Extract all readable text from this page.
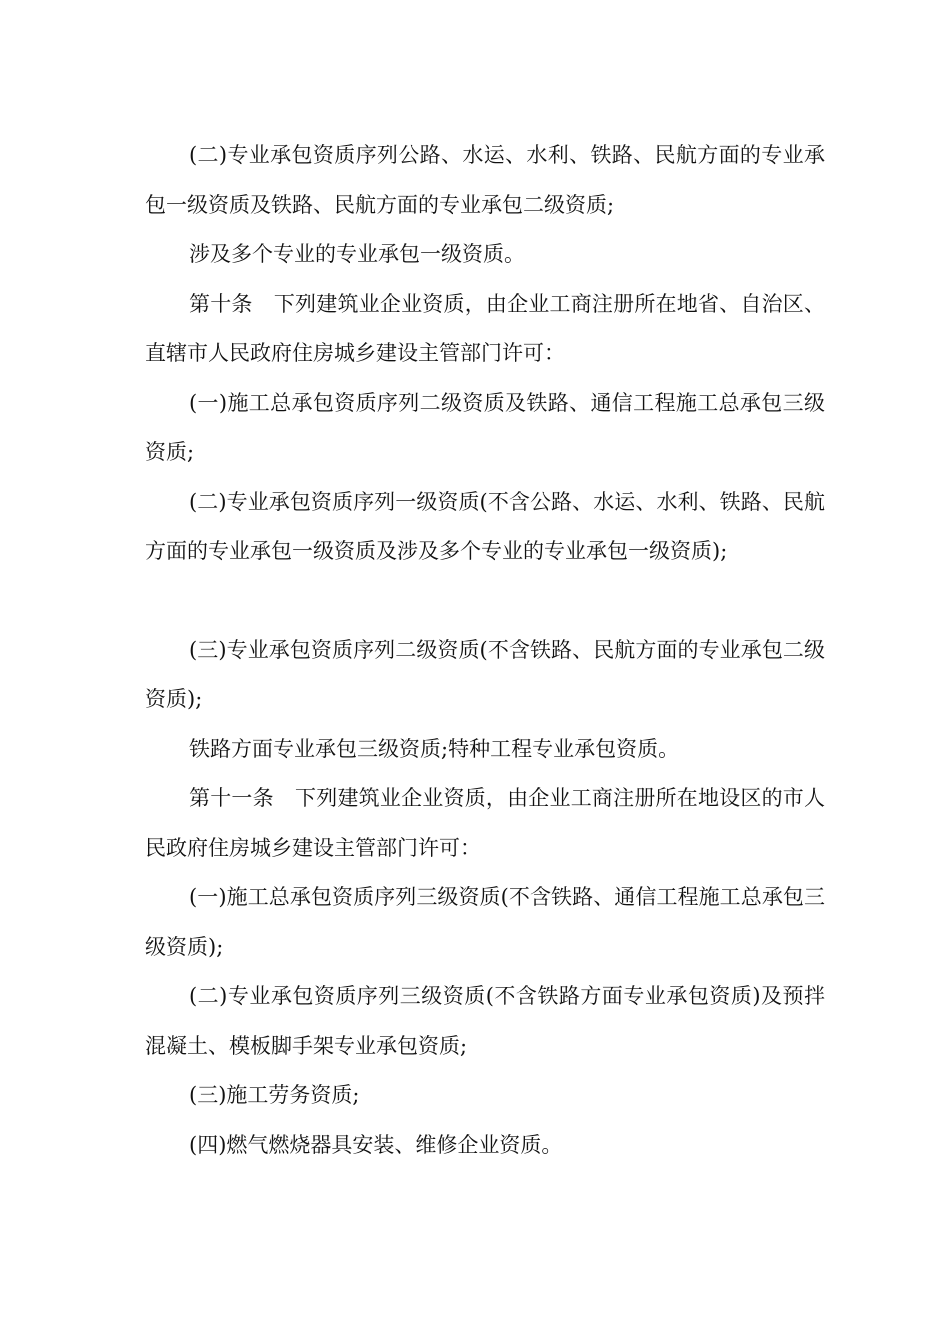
(二)专业承包资质序列公路、水运、水利、铁路、民航方面的专业承包一级资质及铁路、民航方面的专业承包二级资质;

涉及多个专业的专业承包一级资质。

第十条　下列建筑业企业资质，由企业工商注册所在地省、自治区、直辖市人民政府住房城乡建设主管部门许可：

(一)施工总承包资质序列二级资质及铁路、通信工程施工总承包三级资质;

(二)专业承包资质序列一级资质(不含公路、水运、水利、铁路、民航方面的专业承包一级资质及涉及多个专业的专业承包一级资质);

(三)专业承包资质序列二级资质(不含铁路、民航方面的专业承包二级资质);

铁路方面专业承包三级资质;特种工程专业承包资质。

第十一条　下列建筑业企业资质，由企业工商注册所在地设区的市人民政府住房城乡建设主管部门许可：

(一)施工总承包资质序列三级资质(不含铁路、通信工程施工总承包三级资质);

(二)专业承包资质序列三级资质(不含铁路方面专业承包资质)及预拌混凝土、模板脚手架专业承包资质;

(三)施工劳务资质;

(四)燃气燃烧器具安装、维修企业资质。
